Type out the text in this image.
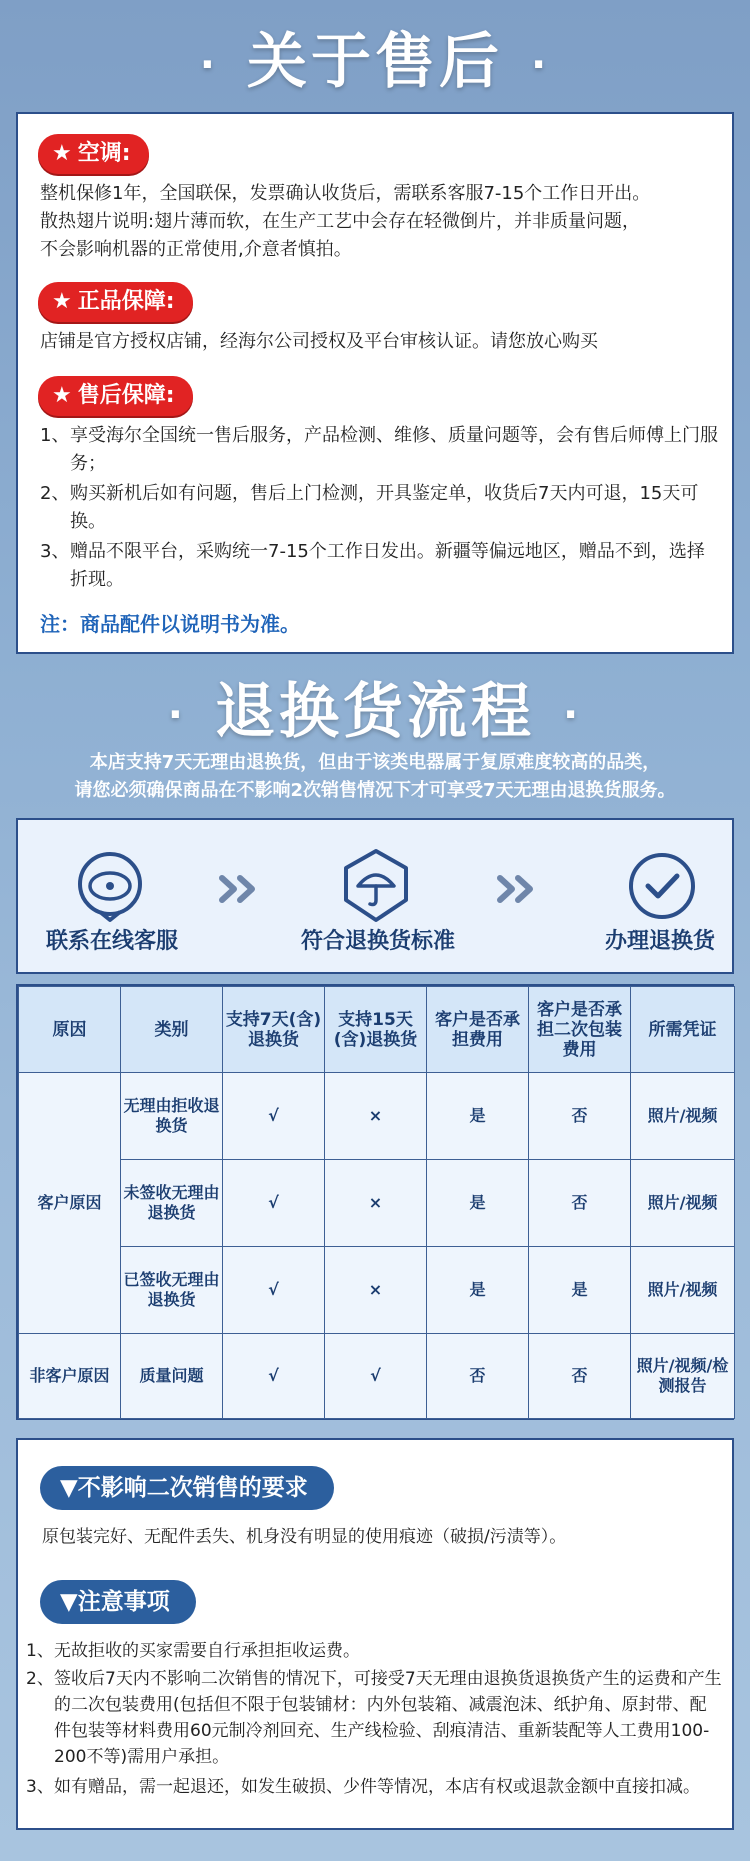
· 关于售后 ·
★ 空调:
整机保修1年，全国联保，发票确认收货后，需联系客服7-15个工作日开出。
散热翅片说明:翅片薄而软，在生产工艺中会存在轻微倒片，并非质量问题，
不会影响机器的正常使用,介意者慎拍。
★ 正品保障:
店铺是官方授权店铺，经海尔公司授权及平台审核认证。请您放心购买
★ 售后保障:
1、 享受海尔全国统一售后服务，产品检测、维修、质量问题等，会有售后师傅上门服务；
2、 购买新机后如有问题，售后上门检测，开具鉴定单，收货后7天内可退，15天可换。
3、 赠品不限平台，采购统一7-15个工作日发出。新疆等偏远地区，赠品不到，选择折现。
注：商品配件以说明书为准。
· 退换货流程 ·
本店支持7天无理由退换货，但由于该类电器属于复原难度较高的品类，
请您必须确保商品在不影响2次销售情况下才可享受7天无理由退换货服务。
联系在线客服	符合退换货标准	办理退换货
原因	类别	支持7天(含)退换货	支持15天(含)退换货	客户是否承担费用	客户是否承担二次包装费用	所需凭证
客户原因	无理由拒收退换货	√	×	是	否	照片/视频
	未签收无理由退换货	√	×	是	否	照片/视频
	已签收无理由退换货	√	×	是	是	照片/视频
非客户原因	质量问题	√	√	否	否	照片/视频/检测报告
▼不影响二次销售的要求
原包装完好、无配件丢失、机身没有明显的使用痕迹（破损/污渍等）。
▼注意事项
1、 无故拒收的买家需要自行承担拒收运费。
2、 签收后7天内不影响二次销售的情况下，可接受7天无理由退换货退换货产生的运费和产生的二次包装费用(包括但不限于包装铺材：内外包装箱、减震泡沫、纸护角、原封带、配件包装等材料费用60元制冷剂回充、生产线检验、刮痕清洁、重新装配等人工费用100-200不等)需用户承担。
3、 如有赠品，需一起退还，如发生破损、少件等情况，本店有权或退款金额中直接扣减。
